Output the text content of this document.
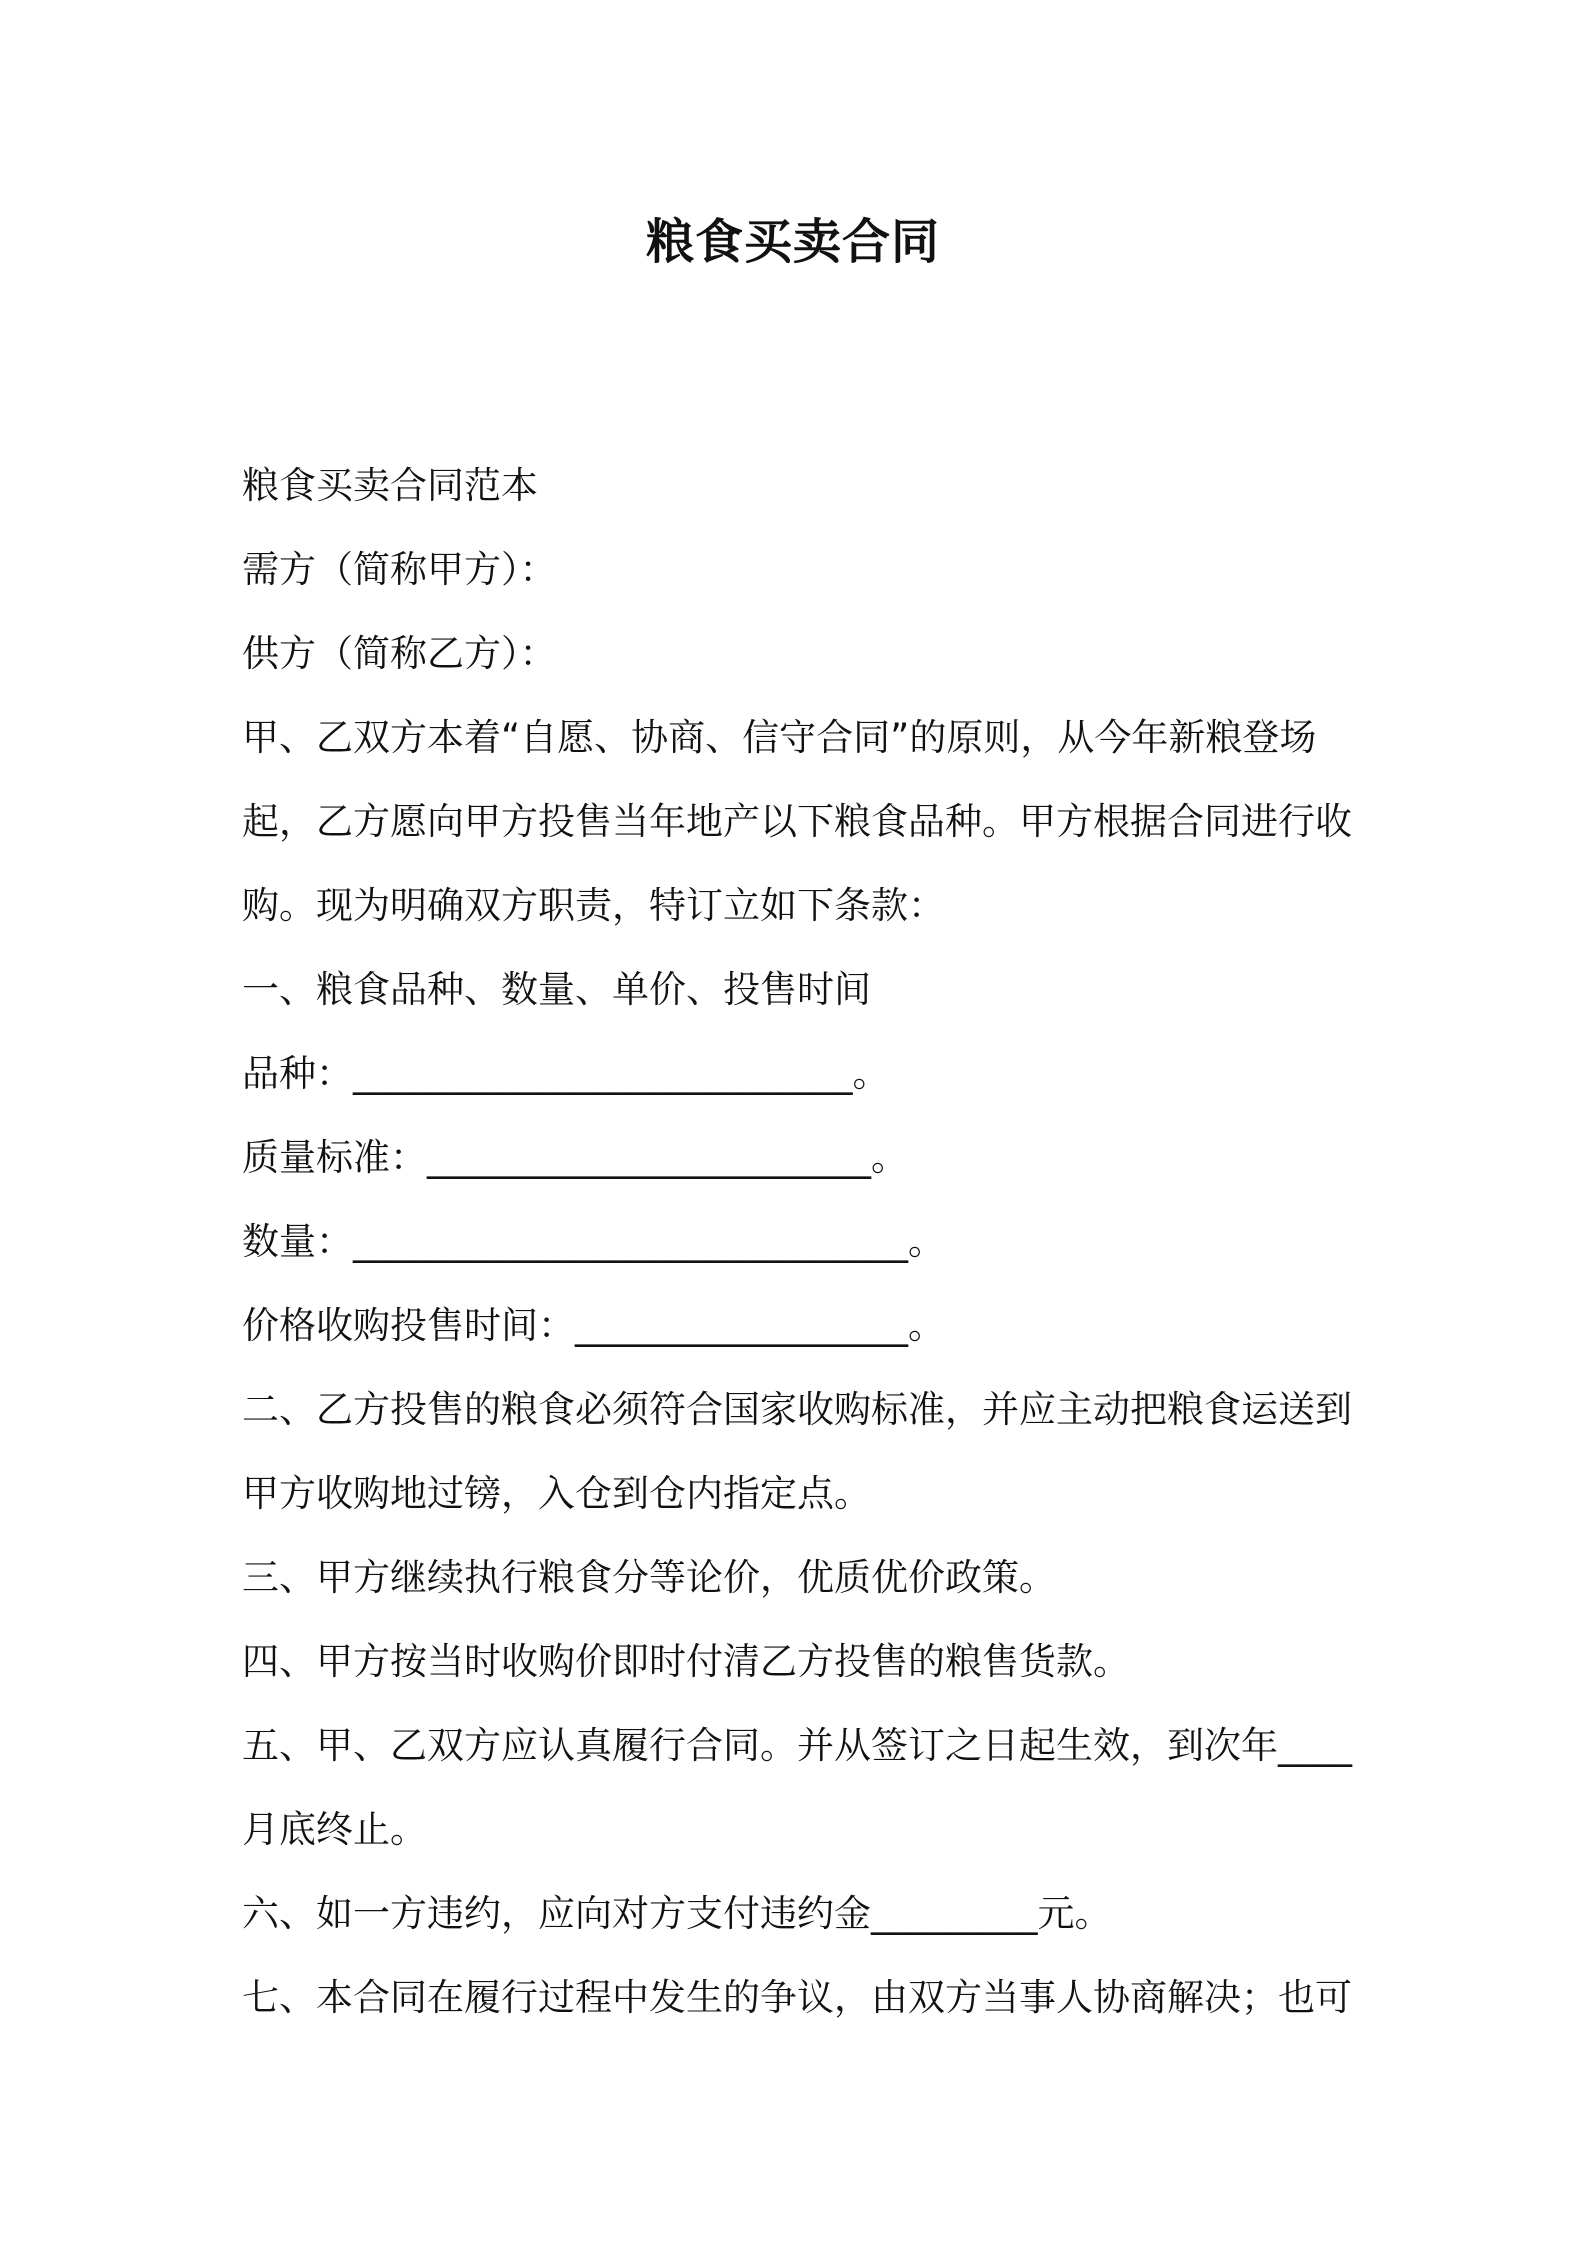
粮食买卖合同
粮食买卖合同范本
需方（简称甲方）：
供方（简称乙方）：
甲、乙双方本着“自愿、协商、信守合同”的原则，从今年新粮登场
起，乙方愿向甲方投售当年地产以下粮食品种。甲方根据合同进行收
购。现为明确双方职责，特订立如下条款：
一、粮食品种、数量、单价、投售时间
品种：___________________________。
质量标准：________________________。
数量：______________________________。
价格收购投售时间：__________________。
二、乙方投售的粮食必须符合国家收购标准，并应主动把粮食运送到
甲方收购地过镑，入仓到仓内指定点。
三、甲方继续执行粮食分等论价，优质优价政策。
四、甲方按当时收购价即时付清乙方投售的粮售货款。
五、甲、乙双方应认真履行合同。并从签订之日起生效，到次年____
月底终止。
六、如一方违约，应向对方支付违约金_________元。
七、本合同在履行过程中发生的争议，由双方当事人协商解决；也可
